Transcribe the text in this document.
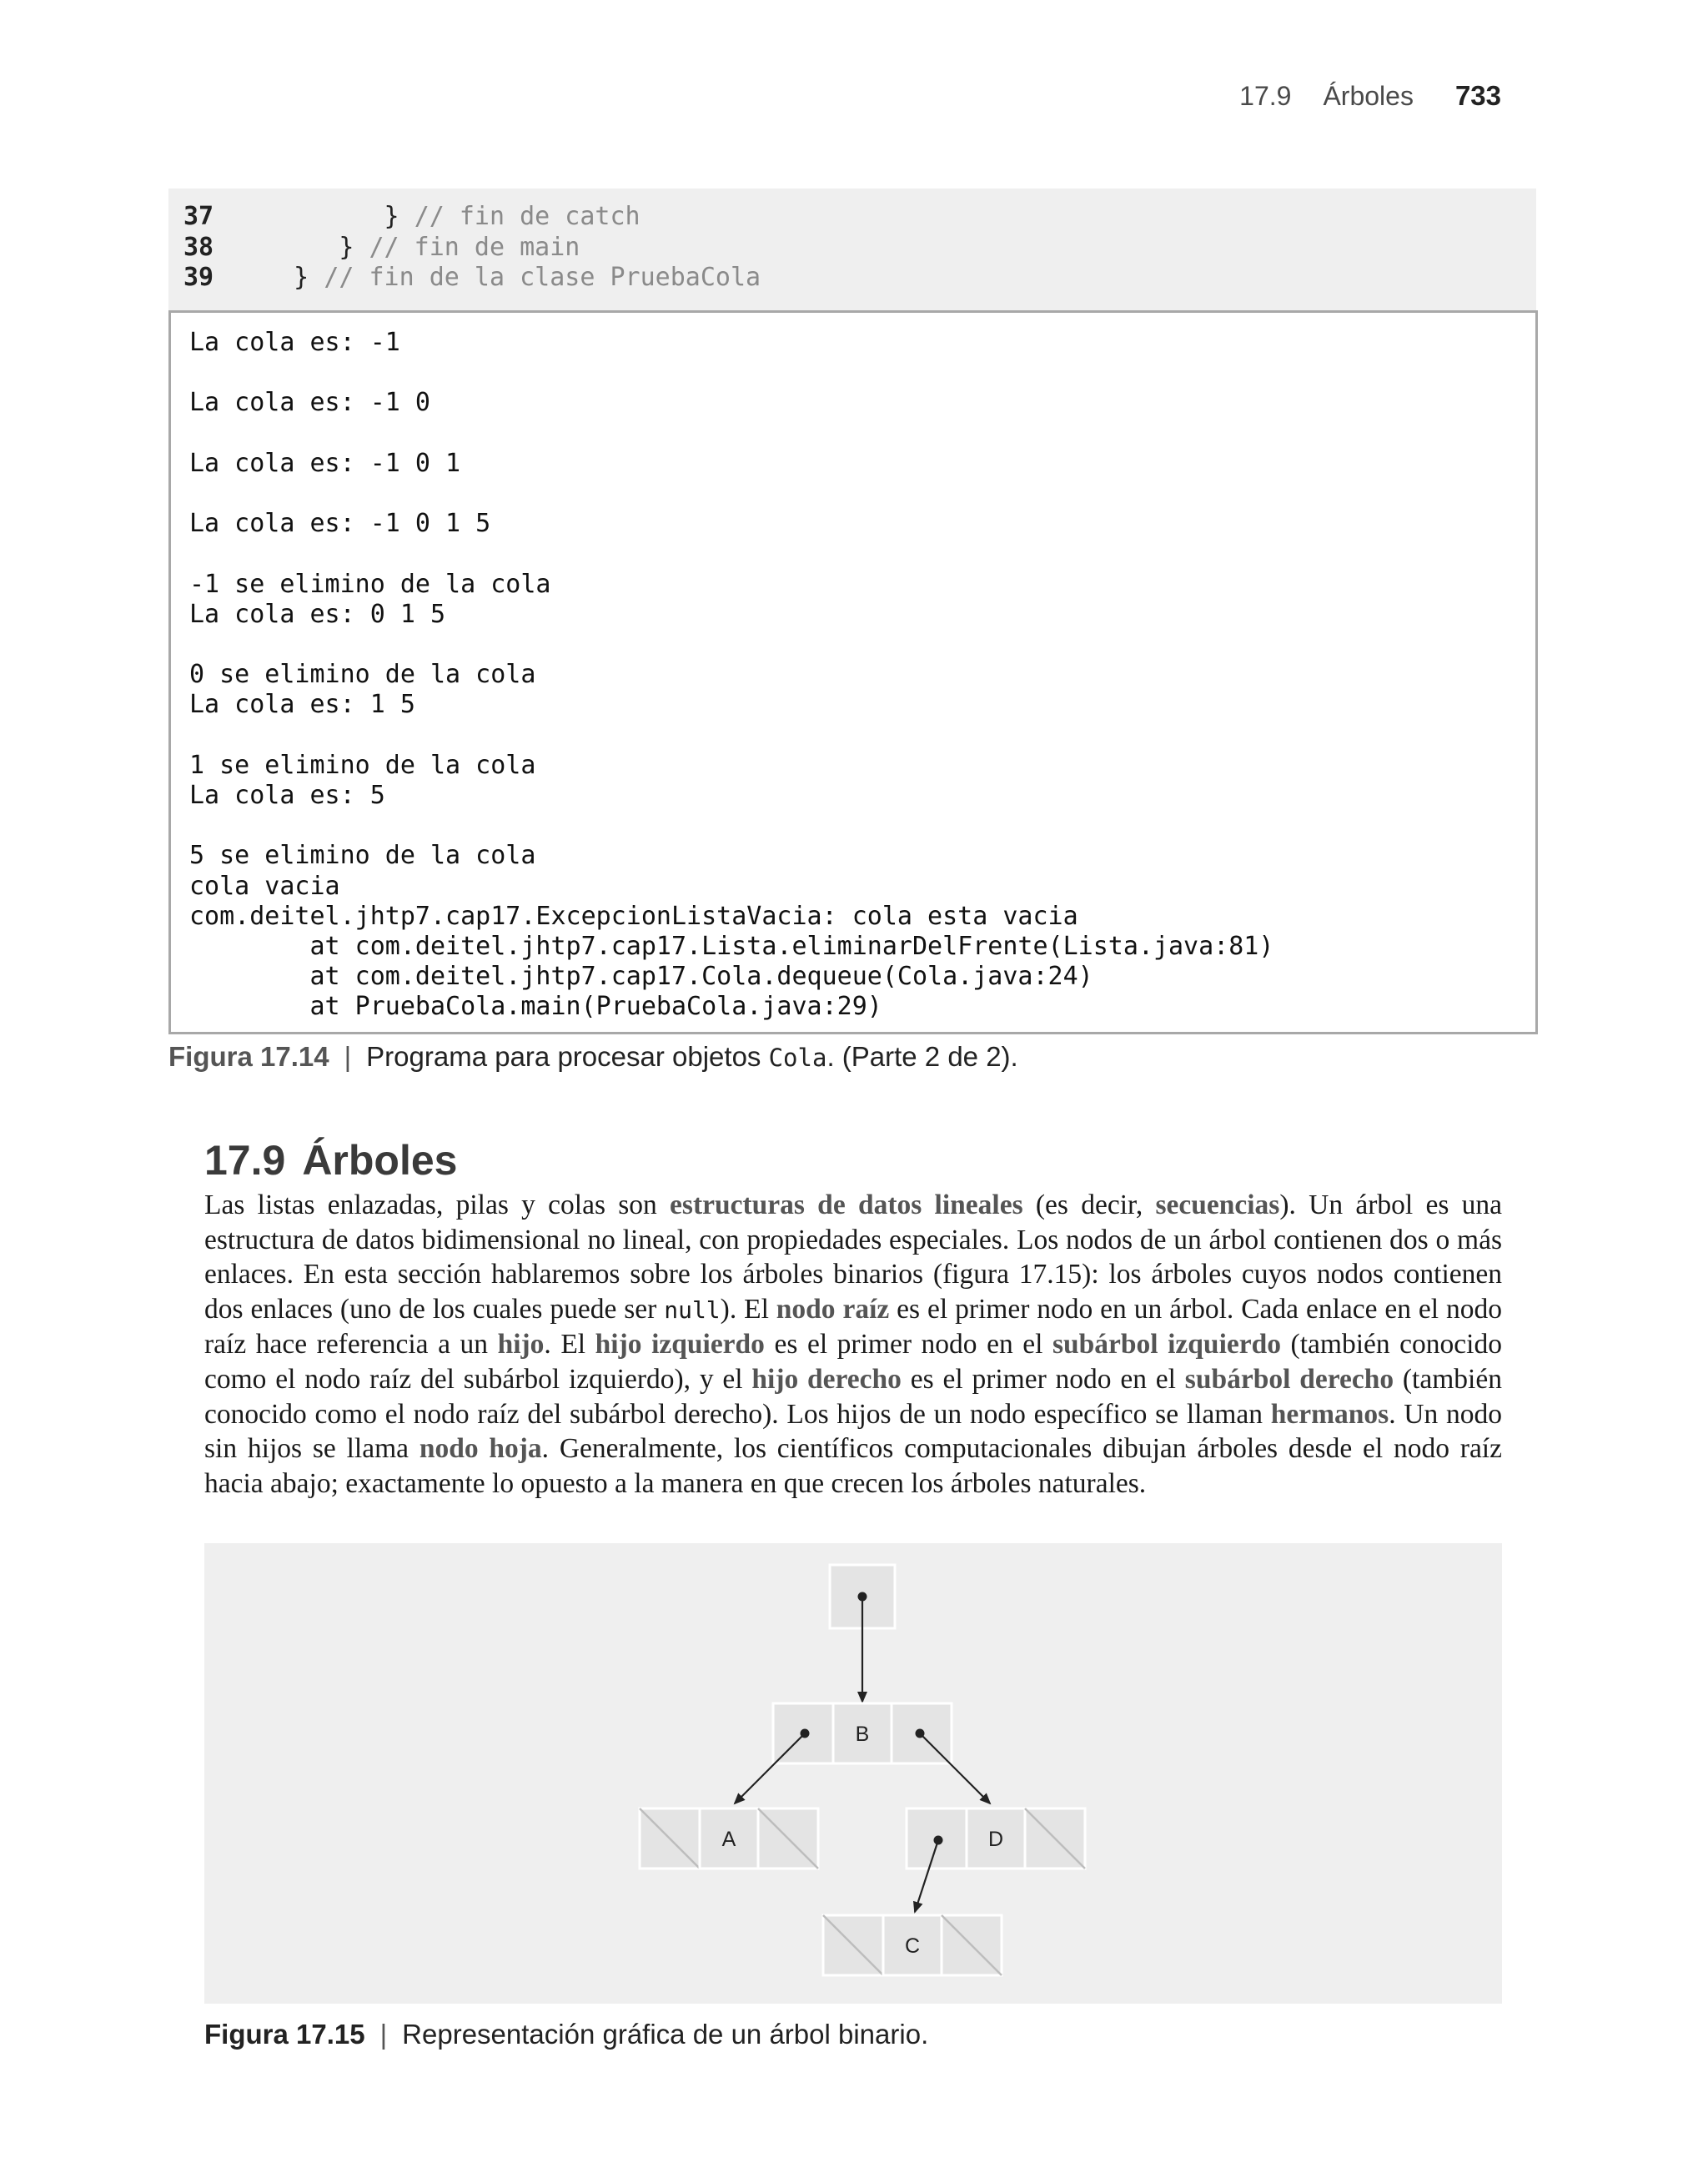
17.9 Árboles 733
37         } // fin de catch
38      } // fin de main
39   } // fin de la clase PruebaCola
La cola es: -1

La cola es: -1 0

La cola es: -1 0 1

La cola es: -1 0 1 5

-1 se elimino de la cola
La cola es: 0 1 5

0 se elimino de la cola
La cola es: 1 5

1 se elimino de la cola
La cola es: 5

5 se elimino de la cola
cola vacia
com.deitel.jhtp7.cap17.ExcepcionListaVacia: cola esta vacia
at com.deitel.jhtp7.cap17.Lista.eliminarDelFrente(Lista.java:81)
at com.deitel.jhtp7.cap17.Cola.dequeue(Cola.java:24)
at PruebaCola.main(PruebaCola.java:29)
Figura 17.14 | Programa para procesar objetos Cola. (Parte 2 de 2).
17.9 Árboles

Las listas enlazadas, pilas y colas son estructuras de datos lineales (es decir, secuencias). Un árbol es una estructura de datos bidimensional no lineal, con propiedades especiales. Los nodos de un árbol contienen dos o más enlaces. En esta sección hablaremos sobre los árboles binarios (figura 17.15): los árboles cuyos nodos contienen dos enlaces (uno de los cuales puede ser null). El nodo raíz es el primer nodo en un árbol. Cada enlace en el nodo raíz hace referencia a un hijo. El hijo izquierdo es el primer nodo en el subárbol izquierdo (también conocido como el nodo raíz del subárbol izquierdo), y el hijo derecho es el primer nodo en el subárbol derecho (también conocido como el nodo raíz del subárbol derecho). Los hijos de un nodo específico se llaman hermanos. Un nodo sin hijos se llama nodo hoja. Generalmente, los científicos computacionales dibujan árboles desde el nodo raíz hacia abajo; exactamente lo opuesto a la manera en que crecen los árboles naturales.

B
A	D
C
Figura 17.15 | Representación gráfica de un árbol binario.
